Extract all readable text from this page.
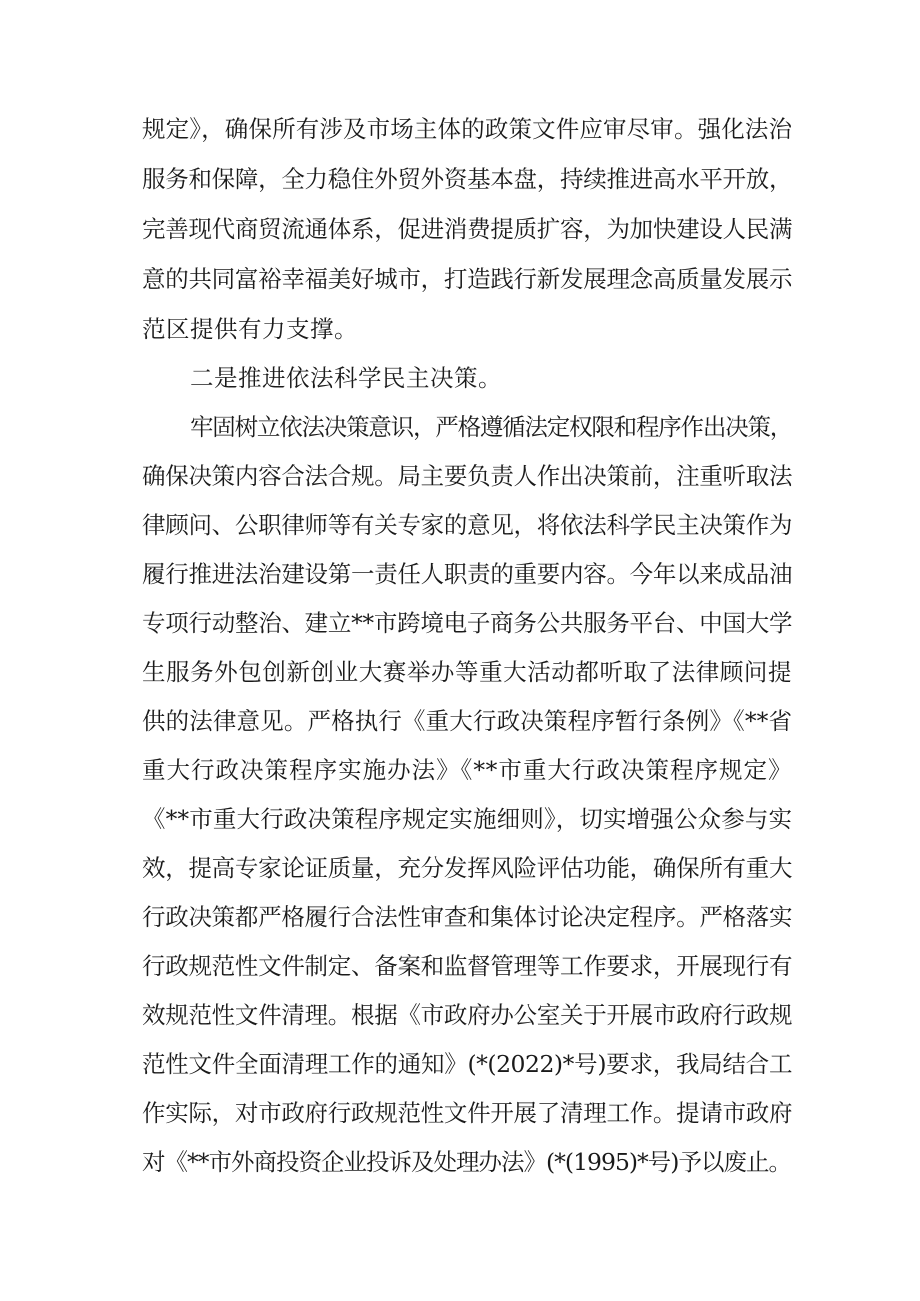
规定》，确保所有涉及市场主体的政策文件应审尽审。强化法治
服务和保障，全力稳住外贸外资基本盘，持续推进高水平开放，
完善现代商贸流通体系，促进消费提质扩容，为加快建设人民满
意的共同富裕幸福美好城市，打造践行新发展理念高质量发展示
范区提供有力支撑。
二是推进依法科学民主决策。
牢固树立依法决策意识，严格遵循法定权限和程序作出决策，
确保决策内容合法合规。局主要负责人作出决策前，注重听取法
律顾问、公职律师等有关专家的意见，将依法科学民主决策作为
履行推进法治建设第一责任人职责的重要内容。今年以来成品油
专项行动整治、建立**市跨境电子商务公共服务平台、中国大学
生服务外包创新创业大赛举办等重大活动都听取了法律顾问提
供的法律意见。严格执行《重大行政决策程序暂行条例》《**省
重大行政决策程序实施办法》《**市重大行政决策程序规定》
《**市重大行政决策程序规定实施细则》，切实增强公众参与实
效，提高专家论证质量，充分发挥风险评估功能，确保所有重大
行政决策都严格履行合法性审查和集体讨论决定程序。严格落实
行政规范性文件制定、备案和监督管理等工作要求，开展现行有
效规范性文件清理。根据《市政府办公室关于开展市政府行政规
范性文件全面清理工作的通知》(*(2022)*号)要求，我局结合工
作实际，对市政府行政规范性文件开展了清理工作。提请市政府
对《**市外商投资企业投诉及处理办法》(*(1995)*号)予以废止。
